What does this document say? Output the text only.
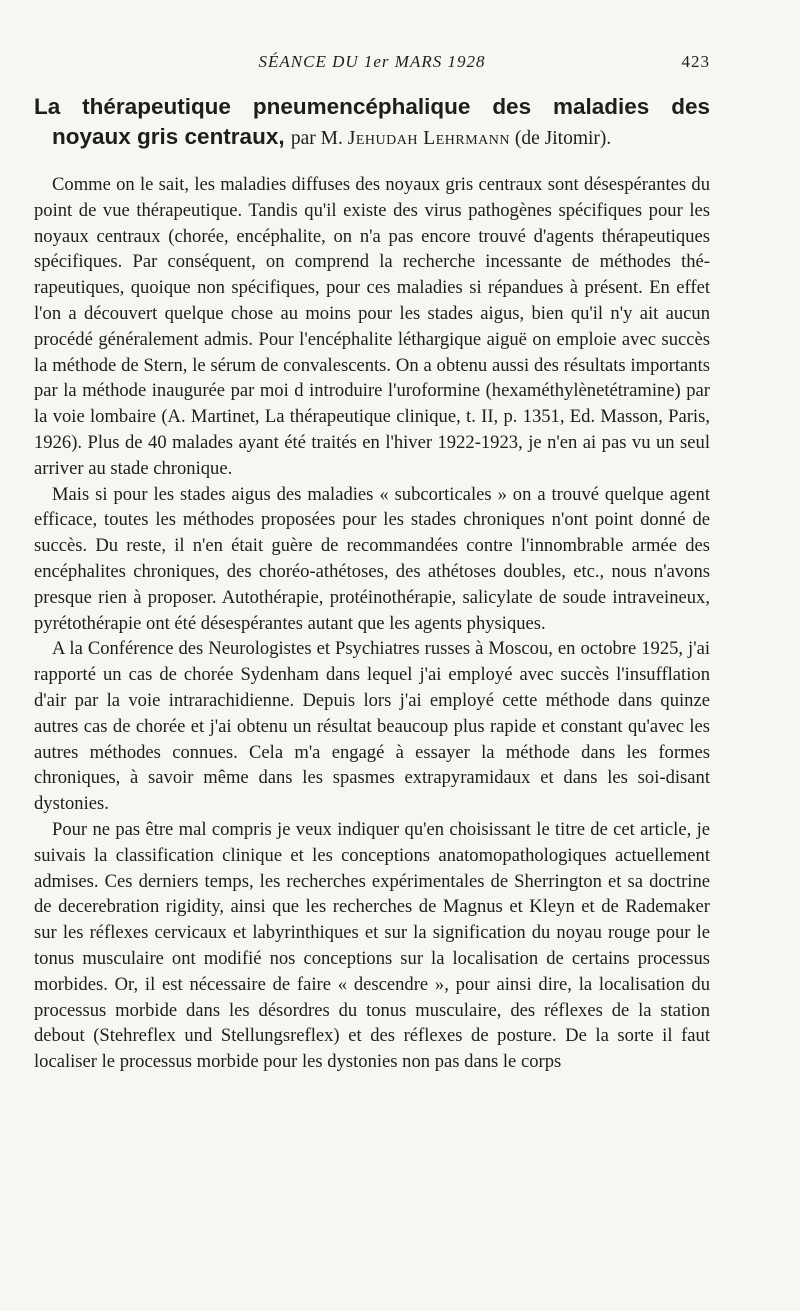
SÉANCE DU 1er MARS 1928	423
La thérapeutique pneumencéphalique des maladies des
noyaux gris centraux, par M. Jehudah Lehrmann (de Jitomir).

Comme on le sait, les maladies diffuses des noyaux gris centraux sont désespérantes du point de vue thérapeutique. Tandis qu'il existe des virus pathogènes spécifiques pour les noyaux centraux (chorée, encéphalite, on n'a pas encore trouvé d'agents thérapeutiques spécifiques. Par conséquent, on comprend la recherche incessante de méthodes thérapeutiques, quoique non spécifiques, pour ces maladies si répandues à présent. En effet l'on a découvert quelque chose au moins pour les stades aigus, bien qu'il n'y ait aucun procédé généralement admis. Pour l'encéphalite léthargique aiguë on emploie avec succès la méthode de Stern, le sérum de convalescents. On a obtenu aussi des résultats importants par la méthode inaugurée par moi d introduire l'uroformine (hexaméthylènetétramine) par la voie lombaire (A. Martinet, La thérapeutique clinique, t. II, p. 1351, Ed. Masson, Paris, 1926). Plus de 40 malades ayant été traités en l'hiver 1922-1923, je n'en ai pas vu un seul arriver au stade chronique.

Mais si pour les stades aigus des maladies « subcorticales » on a trouvé quelque agent efficace, toutes les méthodes proposées pour les stades chroniques n'ont point donné de succès. Du reste, il n'en était guère de recommandées contre l'innombrable armée des encéphalites chroniques, des choréo-athétoses, des athétoses doubles, etc., nous n'avons presque rien à proposer. Autothérapie, protéinothérapie, salicylate de soude intraveineux, pyrétothérapie ont été désespérantes autant que les agents physiques.

A la Conférence des Neurologistes et Psychiatres russes à Moscou, en octobre 1925, j'ai rapporté un cas de chorée Sydenham dans lequel j'ai employé avec succès l'insufflation d'air par la voie intrarachidienne. Depuis lors j'ai employé cette méthode dans quinze autres cas de chorée et j'ai obtenu un résultat beaucoup plus rapide et constant qu'avec les autres méthodes connues. Cela m'a engagé à essayer la méthode dans les formes chroniques, à savoir même dans les spasmes extrapyramidaux et dans les soi-disant dystonies.

Pour ne pas être mal compris je veux indiquer qu'en choisissant le titre de cet article, je suivais la classification clinique et les conceptions anatomopathologiques actuellement admises. Ces derniers temps, les recherches expérimentales de Sherrington et sa doctrine de decerebration rigidity, ainsi que les recherches de Magnus et Kleyn et de Rademaker sur les réflexes cervicaux et labyrinthiques et sur la signification du noyau rouge pour le tonus musculaire ont modifié nos conceptions sur la localisation de certains processus morbides. Or, il est nécessaire de faire « descendre », pour ainsi dire, la localisation du processus morbide dans les désordres du tonus musculaire, des réflexes de la station debout (Stehreflex und Stellungsreflex) et des réflexes de posture. De la sorte il faut localiser le processus morbide pour les dystonies non pas dans le corps
